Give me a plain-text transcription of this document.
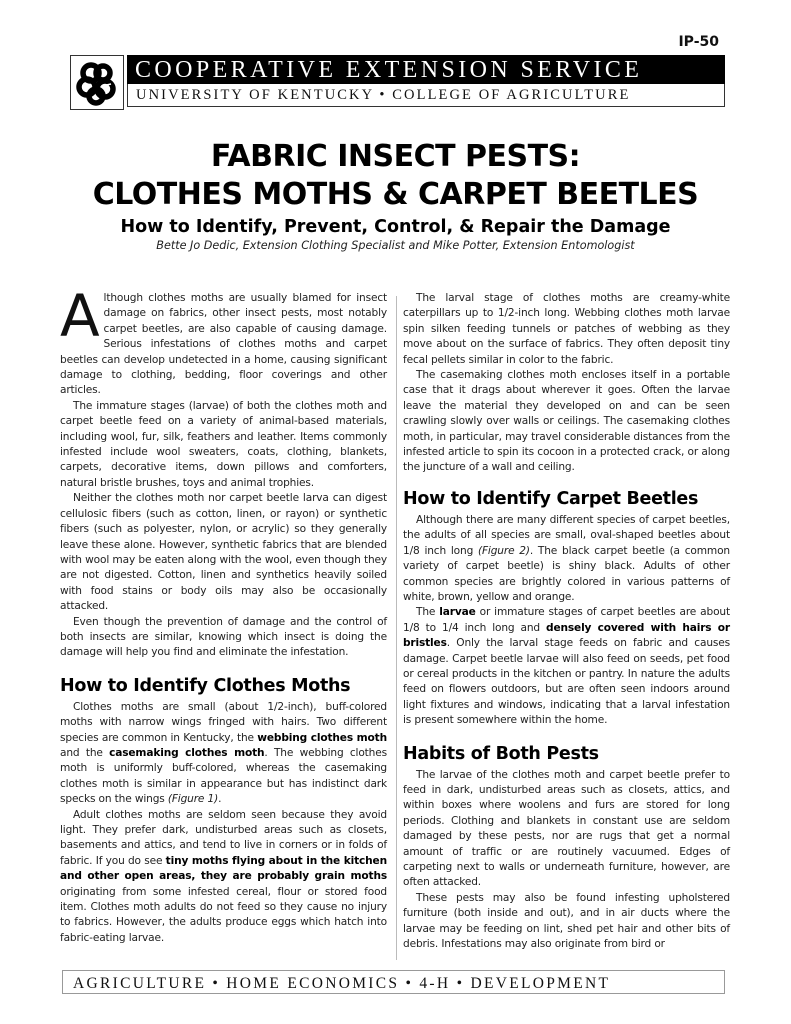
IP-50
COOPERATIVE EXTENSION SERVICE
UNIVERSITY OF KENTUCKY • COLLEGE OF AGRICULTURE
FABRIC INSECT PESTS:
CLOTHES MOTHS & CARPET BEETLES
How to Identify, Prevent, Control, & Repair the Damage
Bette Jo Dedic, Extension Clothing Specialist and Mike Potter, Extension Entomologist

Although clothes moths are usually blamed for insect damage on fabrics, other insect pests, most notably carpet beetles, are also capable of causing damage. Serious infestations of clothes moths and carpet beetles can develop undetected in a home, causing significant damage to clothing, bedding, floor coverings and other articles.

The immature stages (larvae) of both the clothes moth and carpet beetle feed on a variety of animal-based materials, including wool, fur, silk, feathers and leather. Items commonly infested include wool sweaters, coats, clothing, blankets, carpets, decorative items, down pillows and comforters, natural bristle brushes, toys and animal trophies.

Neither the clothes moth nor carpet beetle larva can digest cellulosic fibers (such as cotton, linen, or rayon) or synthetic fibers (such as polyester, nylon, or acrylic) so they generally leave these alone. However, synthetic fabrics that are blended with wool may be eaten along with the wool, even though they are not digested. Cotton, linen and synthetics heavily soiled with food stains or body oils may also be occasionally attacked.

Even though the prevention of damage and the control of both insects are similar, knowing which insect is doing the damage will help you find and eliminate the infestation.

How to Identify Clothes Moths

Clothes moths are small (about 1/2-inch), buff-colored moths with narrow wings fringed with hairs. Two different species are common in Kentucky, the webbing clothes moth and the casemaking clothes moth. The webbing clothes moth is uniformly buff-colored, whereas the casemaking clothes moth is similar in appearance but has indistinct dark specks on the wings (Figure 1).

Adult clothes moths are seldom seen because they avoid light. They prefer dark, undisturbed areas such as closets, basements and attics, and tend to live in corners or in folds of fabric. If you do see tiny moths flying about in the kitchen and other open areas, they are probably grain moths originating from some infested cereal, flour or stored food item. Clothes moth adults do not feed so they cause no injury to fabrics. However, the adults produce eggs which hatch into fabric-eating larvae.

The larval stage of clothes moths are creamy-white caterpillars up to 1/2-inch long. Webbing clothes moth larvae spin silken feeding tunnels or patches of webbing as they move about on the surface of fabrics. They often deposit tiny fecal pellets similar in color to the fabric.

The casemaking clothes moth encloses itself in a portable case that it drags about wherever it goes. Often the larvae leave the material they developed on and can be seen crawling slowly over walls or ceilings. The casemaking clothes moth, in particular, may travel considerable distances from the infested article to spin its cocoon in a protected crack, or along the juncture of a wall and ceiling.

How to Identify Carpet Beetles

Although there are many different species of carpet beetles, the adults of all species are small, oval-shaped beetles about 1/8 inch long (Figure 2). The black carpet beetle (a common variety of carpet beetle) is shiny black. Adults of other common species are brightly colored in various patterns of white, brown, yellow and orange.

The larvae or immature stages of carpet beetles are about 1/8 to 1/4 inch long and densely covered with hairs or bristles. Only the larval stage feeds on fabric and causes damage. Carpet beetle larvae will also feed on seeds, pet food or cereal products in the kitchen or pantry. In nature the adults feed on flowers outdoors, but are often seen indoors around light fixtures and windows, indicating that a larval infestation is present somewhere within the home.

Habits of Both Pests

The larvae of the clothes moth and carpet beetle prefer to feed in dark, undisturbed areas such as closets, attics, and within boxes where woolens and furs are stored for long periods. Clothing and blankets in constant use are seldom damaged by these pests, nor are rugs that get a normal amount of traffic or are routinely vacuumed. Edges of carpeting next to walls or underneath furniture, however, are often attacked.

These pests may also be found infesting upholstered furniture (both inside and out), and in air ducts where the larvae may be feeding on lint, shed pet hair and other bits of debris. Infestations may also originate from bird or

AGRICULTURE • HOME ECONOMICS • 4-H • DEVELOPMENT
